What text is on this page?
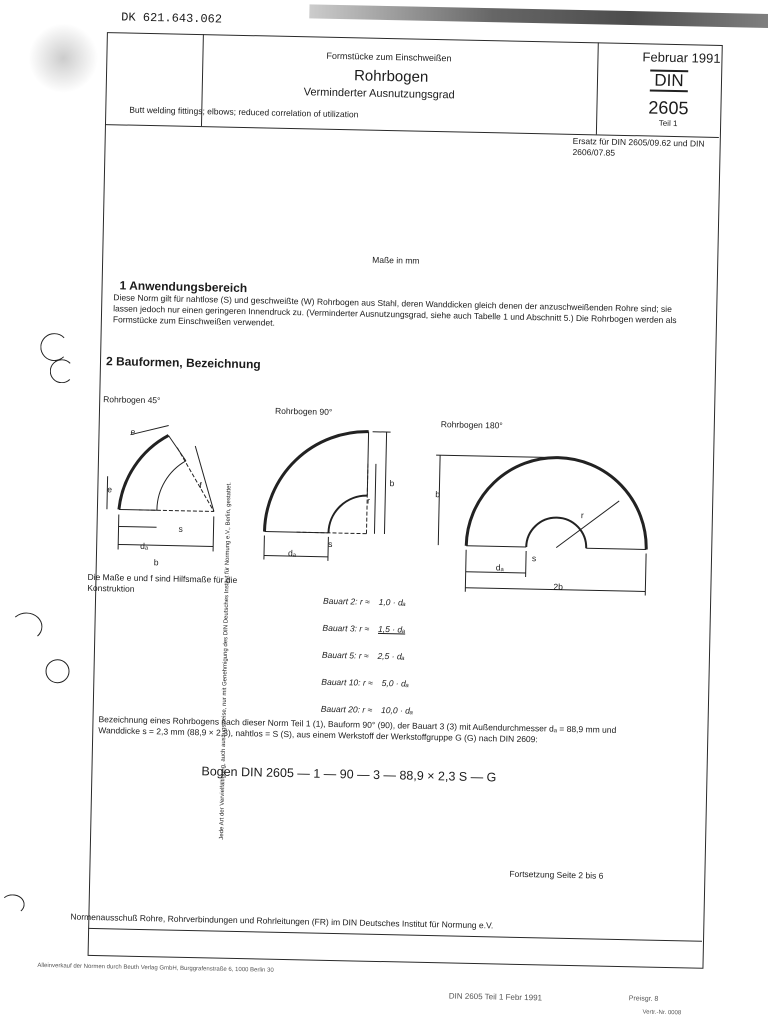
DK 621.643.062
Februar 1991
Formstücke zum Einschweißen
Rohrbogen
Verminderter Ausnutzungsgrad
DIN
2605
Teil 1
Butt welding fittings; elbows; reduced correlation of utilization
Ersatz für DIN 2605/09.62 und DIN 2606/07.85
Maße in mm
1 Anwendungsbereich
Diese Norm gilt für nahtlose (S) und geschweißte (W) Rohrbogen aus Stahl, deren Wanddicken gleich denen der anzuschweißenden Rohre sind; sie lassen jedoch nur einen geringeren Innendruck zu. (Verminderter Ausnutzungsgrad, siehe auch Tabelle 1 und Abschnitt 5.) Die Rohrbogen werden als Formstücke zum Einschweißen verwendet.
2 Bauformen, Bezeichnung
Rohrbogen 45°
Rohrbogen 90°
Rohrbogen 180°
dₐ
b
e
e
f
s
dₐ
s
r
b
b
r
s
dₐ
2b
Die Maße e und f sind Hilfsmaße für die Konstruktion
Bauart 2: r ≈ 1,0 · dₐ
Bauart 3: r ≈ 1,5 · dₐ
Bauart 5: r ≈ 2,5 · dₐ
Bauart 10: r ≈ 5,0 · dₐ
Bauart 20: r ≈ 10,0 · dₐ
Bezeichnung eines Rohrbogens nach dieser Norm Teil 1 (1), Bauform 90° (90), der Bauart 3 (3) mit Außendurchmesser dₐ = 88,9 mm und Wanddicke s = 2,3 mm (88,9 × 2,3), nahtlos = S (S), aus einem Werkstoff der Werkstoffgruppe G (G) nach DIN 2609:
Bogen DIN 2605 — 1 — 90 — 3 — 88,9 × 2,3 S — G
Fortsetzung Seite 2 bis 6
Normenausschuß Rohre, Rohrverbindungen und Rohrleitungen (FR) im DIN Deutsches Institut für Normung e.V.
Jede Art der Vervielfältigung, auch auszugsweise, nur mit Genehmigung des DIN Deutsches Institut für Normung e.V., Berlin, gestattet.
Alleinverkauf der Normen durch Beuth Verlag GmbH, Burggrafenstraße 6, 1000 Berlin 30
DIN 2605 Teil 1 Febr 1991	Preisgr. 8
Vertr.-Nr. 0008
